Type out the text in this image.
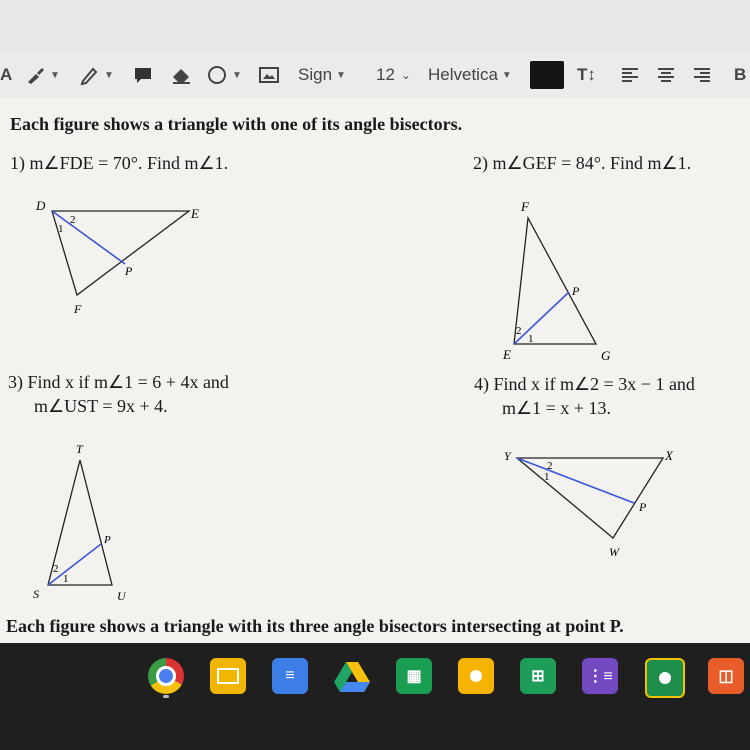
A	▼	▼	▼	Sign ▼ 12 ⌄ Helvetica ▼	T↕	B
Each figure shows a triangle with one of its angle bisectors.
1) m∠FDE = 70°. Find m∠1.	2) m∠GEF = 84°. Find m∠1.
3) Find x if m∠1 = 6 + 4x and
m∠UST = 9x + 4.
4) Find x if m∠2 = 3x − 1 and
m∠1 = x + 13.
Each figure shows a triangle with its three angle bisectors intersecting at point P.
D
E
F
P
1
2
F
E	G
P
2
1
T
S	U
P
2
1
Y	X
W
P
2
1
≡	▦	⊞	⋮≡	◫
